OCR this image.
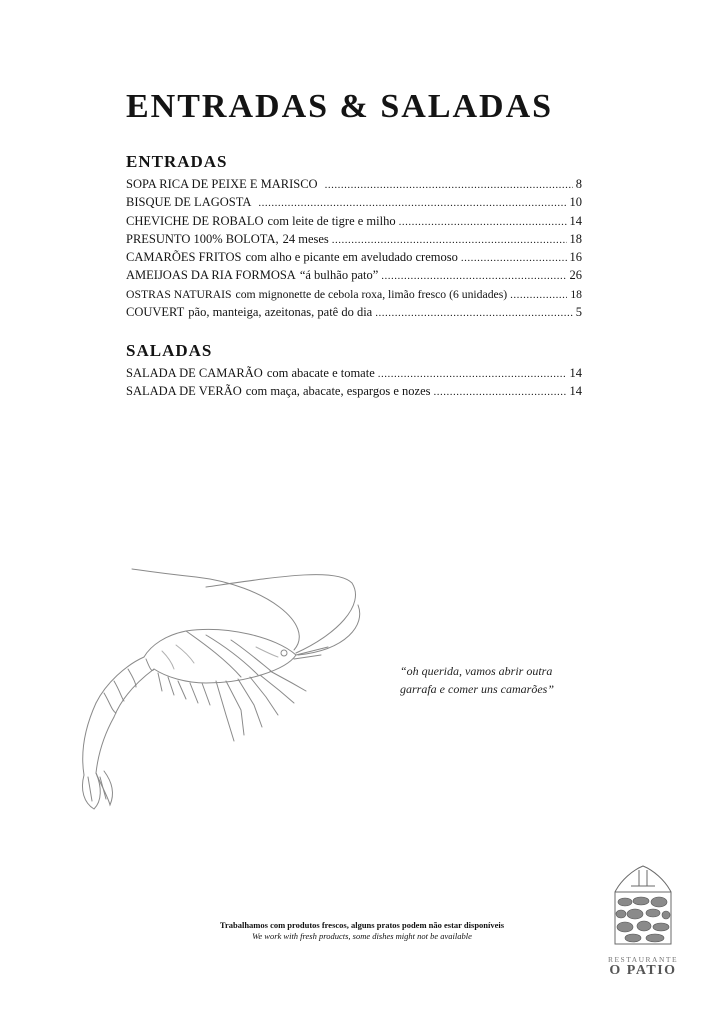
ENTRADAS & SALADAS
ENTRADAS
SOPA RICA DE PEIXE E MARISCO .....	8
BISQUE DE LAGOSTA .....	10
CHEVICHE DE ROBALO com leite de tigre e milho .....	14
PRESUNTO 100% BOLOTA, 24 meses .....	18
CAMARÕES FRITOS com alho e picante em aveludado cremoso .....	16
AMEIJOAS DA RIA FORMOSA “á bulhão pato” .....	26
OSTRAS NATURAIS com mignonette de cebola roxa, limão fresco (6 unidades) .....	18
COUVERT pão, manteiga, azeitonas, patê do dia .....	5
SALADAS
SALADA DE CAMARÃO com abacate e tomate .....	14
SALADA DE VERÃO com maça, abacate, espargos e nozes .....	14

“oh querida, vamos abrir outra
garrafa e comer uns camarões”

Trabalhamos com produtos frescos, alguns pratos podem não estar disponíveis
We work with fresh products, some dishes might not be available
RESTAURANTE
O PATIO
